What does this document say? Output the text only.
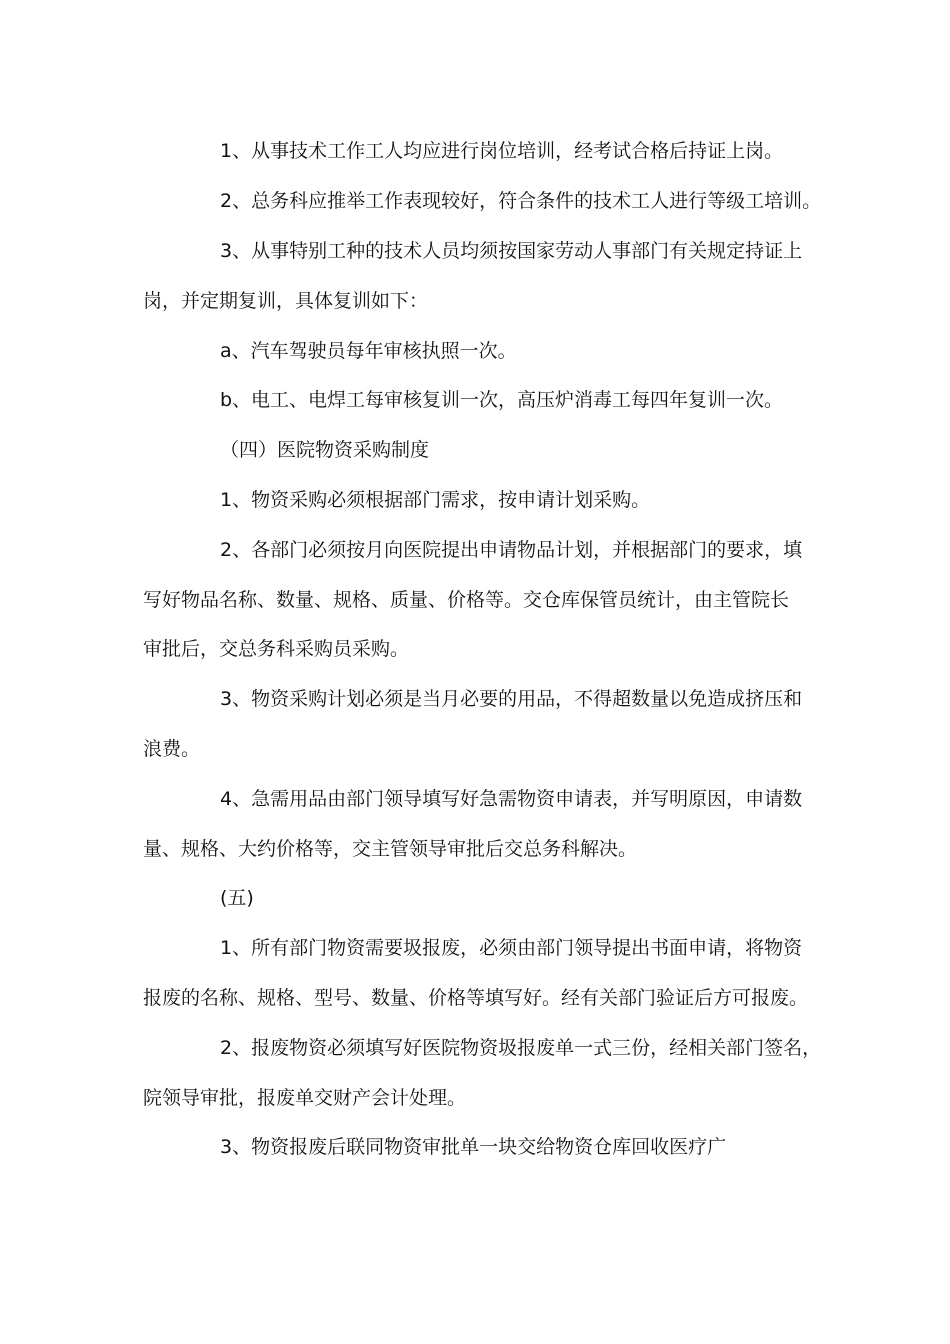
1、从事技术工作工人均应进行岗位培训，经考试合格后持证上岗。
2、总务科应推举工作表现较好，符合条件的技术工人进行等级工培训。
3、从事特别工种的技术人员均须按国家劳动人事部门有关规定持证上
岗，并定期复训，具体复训如下：
a、汽车驾驶员每年审核执照一次。
b、电工、电焊工每审核复训一次，高压炉消毒工每四年复训一次。
（四）医院物资采购制度
1、物资采购必须根据部门需求，按申请计划采购。
2、各部门必须按月向医院提出申请物品计划，并根据部门的要求，填
写好物品名称、数量、规格、质量、价格等。交仓库保管员统计，由主管院长
审批后，交总务科采购员采购。
3、物资采购计划必须是当月必要的用品，不得超数量以免造成挤压和
浪费。
4、急需用品由部门领导填写好急需物资申请表，并写明原因，申请数
量、规格、大约价格等，交主管领导审批后交总务科解决。
(五)
1、所有部门物资需要圾报废，必须由部门领导提出书面申请，将物资
报废的名称、规格、型号、数量、价格等填写好。经有关部门验证后方可报废。
2、报废物资必须填写好医院物资圾报废单一式三份，经相关部门签名，
院领导审批，报废单交财产会计处理。
3、物资报废后联同物资审批单一块交给物资仓库回收医疗广
